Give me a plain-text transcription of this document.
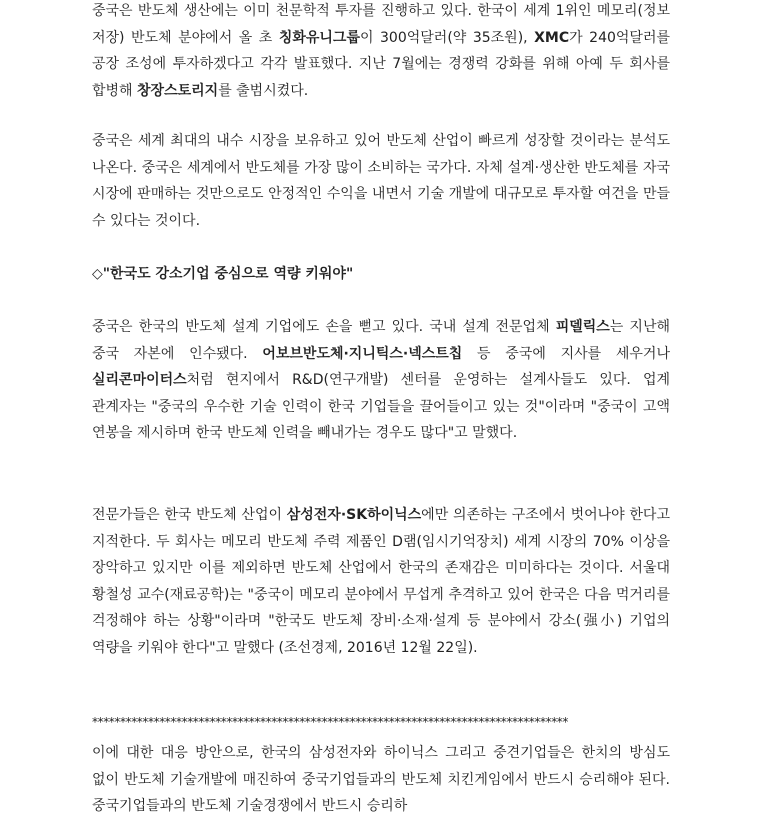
중국은 반도체 생산에는 이미 천문학적 투자를 진행하고 있다. 한국이 세계 1위인 메모리(정보 저장) 반도체 분야에서 올 초 칭화유니그룹이 300억달러(약 35조원), XMC가 240억달러를 공장 조성에 투자하겠다고 각각 발표했다. 지난 7월에는 경쟁력 강화를 위해 아예 두 회사를 합병해 창장스토리지를 출범시켰다.

중국은 세계 최대의 내수 시장을 보유하고 있어 반도체 산업이 빠르게 성장할 것이라는 분석도 나온다. 중국은 세계에서 반도체를 가장 많이 소비하는 국가다. 자체 설계·생산한 반도체를 자국 시장에 판매하는 것만으로도 안정적인 수익을 내면서 기술 개발에 대규모로 투자할 여건을 만들 수 있다는 것이다.

◇"한국도 강소기업 중심으로 역량 키워야"

중국은 한국의 반도체 설계 기업에도 손을 뻗고 있다. 국내 설계 전문업체 피델릭스는 지난해 중국 자본에 인수됐다. 어보브반도체·지니틱스·넥스트칩 등 중국에 지사를 세우거나 실리콘마이터스처럼 현지에서 R&D(연구개발) 센터를 운영하는 설계사들도 있다. 업계 관계자는 "중국의 우수한 기술 인력이 한국 기업들을 끌어들이고 있는 것"이라며 "중국이 고액 연봉을 제시하며 한국 반도체 인력을 빼내가는 경우도 많다"고 말했다.

전문가들은 한국 반도체 산업이 삼성전자·SK하이닉스에만 의존하는 구조에서 벗어나야 한다고 지적한다. 두 회사는 메모리 반도체 주력 제품인 D램(임시기억장치) 세계 시장의 70% 이상을 장악하고 있지만 이를 제외하면 반도체 산업에서 한국의 존재감은 미미하다는 것이다. 서울대 황철성 교수(재료공학)는 "중국이 메모리 분야에서 무섭게 추격하고 있어 한국은 다음 먹거리를 걱정해야 하는 상황"이라며 "한국도 반도체 장비·소재·설계 등 분야에서 강소(强小) 기업의 역량을 키워야 한다"고 말했다 (조선경제, 2016년 12월 22일).

*************************************************************************************

이에 대한 대응 방안으로, 한국의 삼성전자와 하이닉스 그리고 중견기업들은 한치의 방심도 없이 반도체 기술개발에 매진하여 중국기업들과의 반도체 치킨게임에서 반드시 승리해야 된다. 중국기업들과의 반도체 기술경쟁에서 반드시 승리하
